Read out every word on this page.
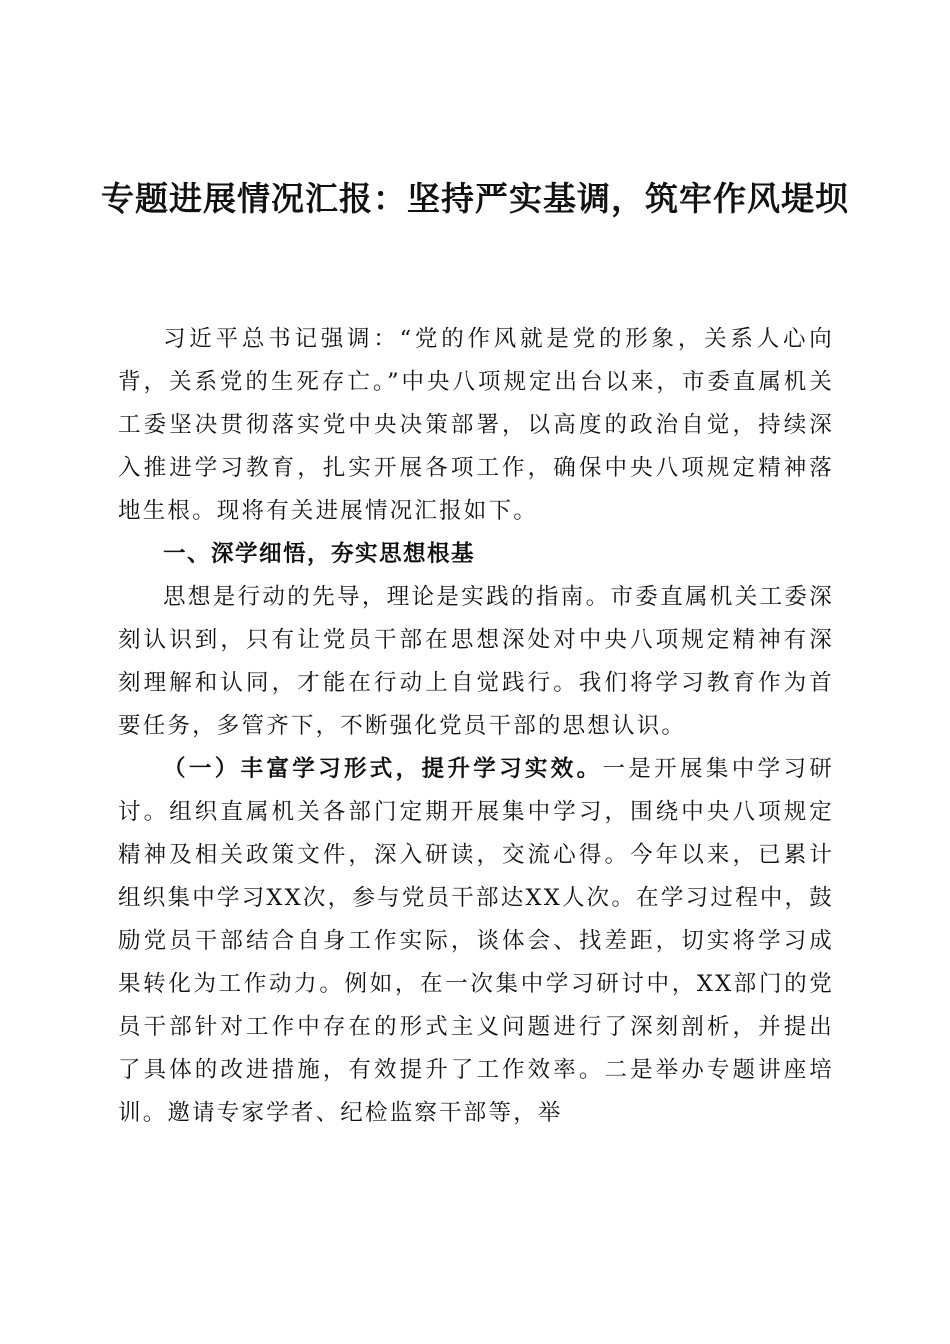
专题进展情况汇报：坚持严实基调，筑牢作风堤坝

习近平总书记强调：“党的作风就是党的形象，关系人心向背，关系党的生死存亡。”中央八项规定出台以来，市委直属机关工委坚决贯彻落实党中央决策部署，以高度的政治自觉，持续深入推进学习教育，扎实开展各项工作，确保中央八项规定精神落地生根。现将有关进展情况汇报如下。

一、深学细悟，夯实思想根基

思想是行动的先导，理论是实践的指南。市委直属机关工委深刻认识到，只有让党员干部在思想深处对中央八项规定精神有深刻理解和认同，才能在行动上自觉践行。我们将学习教育作为首要任务，多管齐下，不断强化党员干部的思想认识。

（一）丰富学习形式，提升学习实效。一是开展集中学习研讨。组织直属机关各部门定期开展集中学习，围绕中央八项规定精神及相关政策文件，深入研读，交流心得。今年以来，已累计组织集中学习XX次，参与党员干部达XX人次。在学习过程中，鼓励党员干部结合自身工作实际，谈体会、找差距，切实将学习成果转化为工作动力。例如，在一次集中学习研讨中，XX部门的党员干部针对工作中存在的形式主义问题进行了深刻剖析，并提出了具体的改进措施，有效提升了工作效率。二是举办专题讲座培训。邀请专家学者、纪检监察干部等，举
